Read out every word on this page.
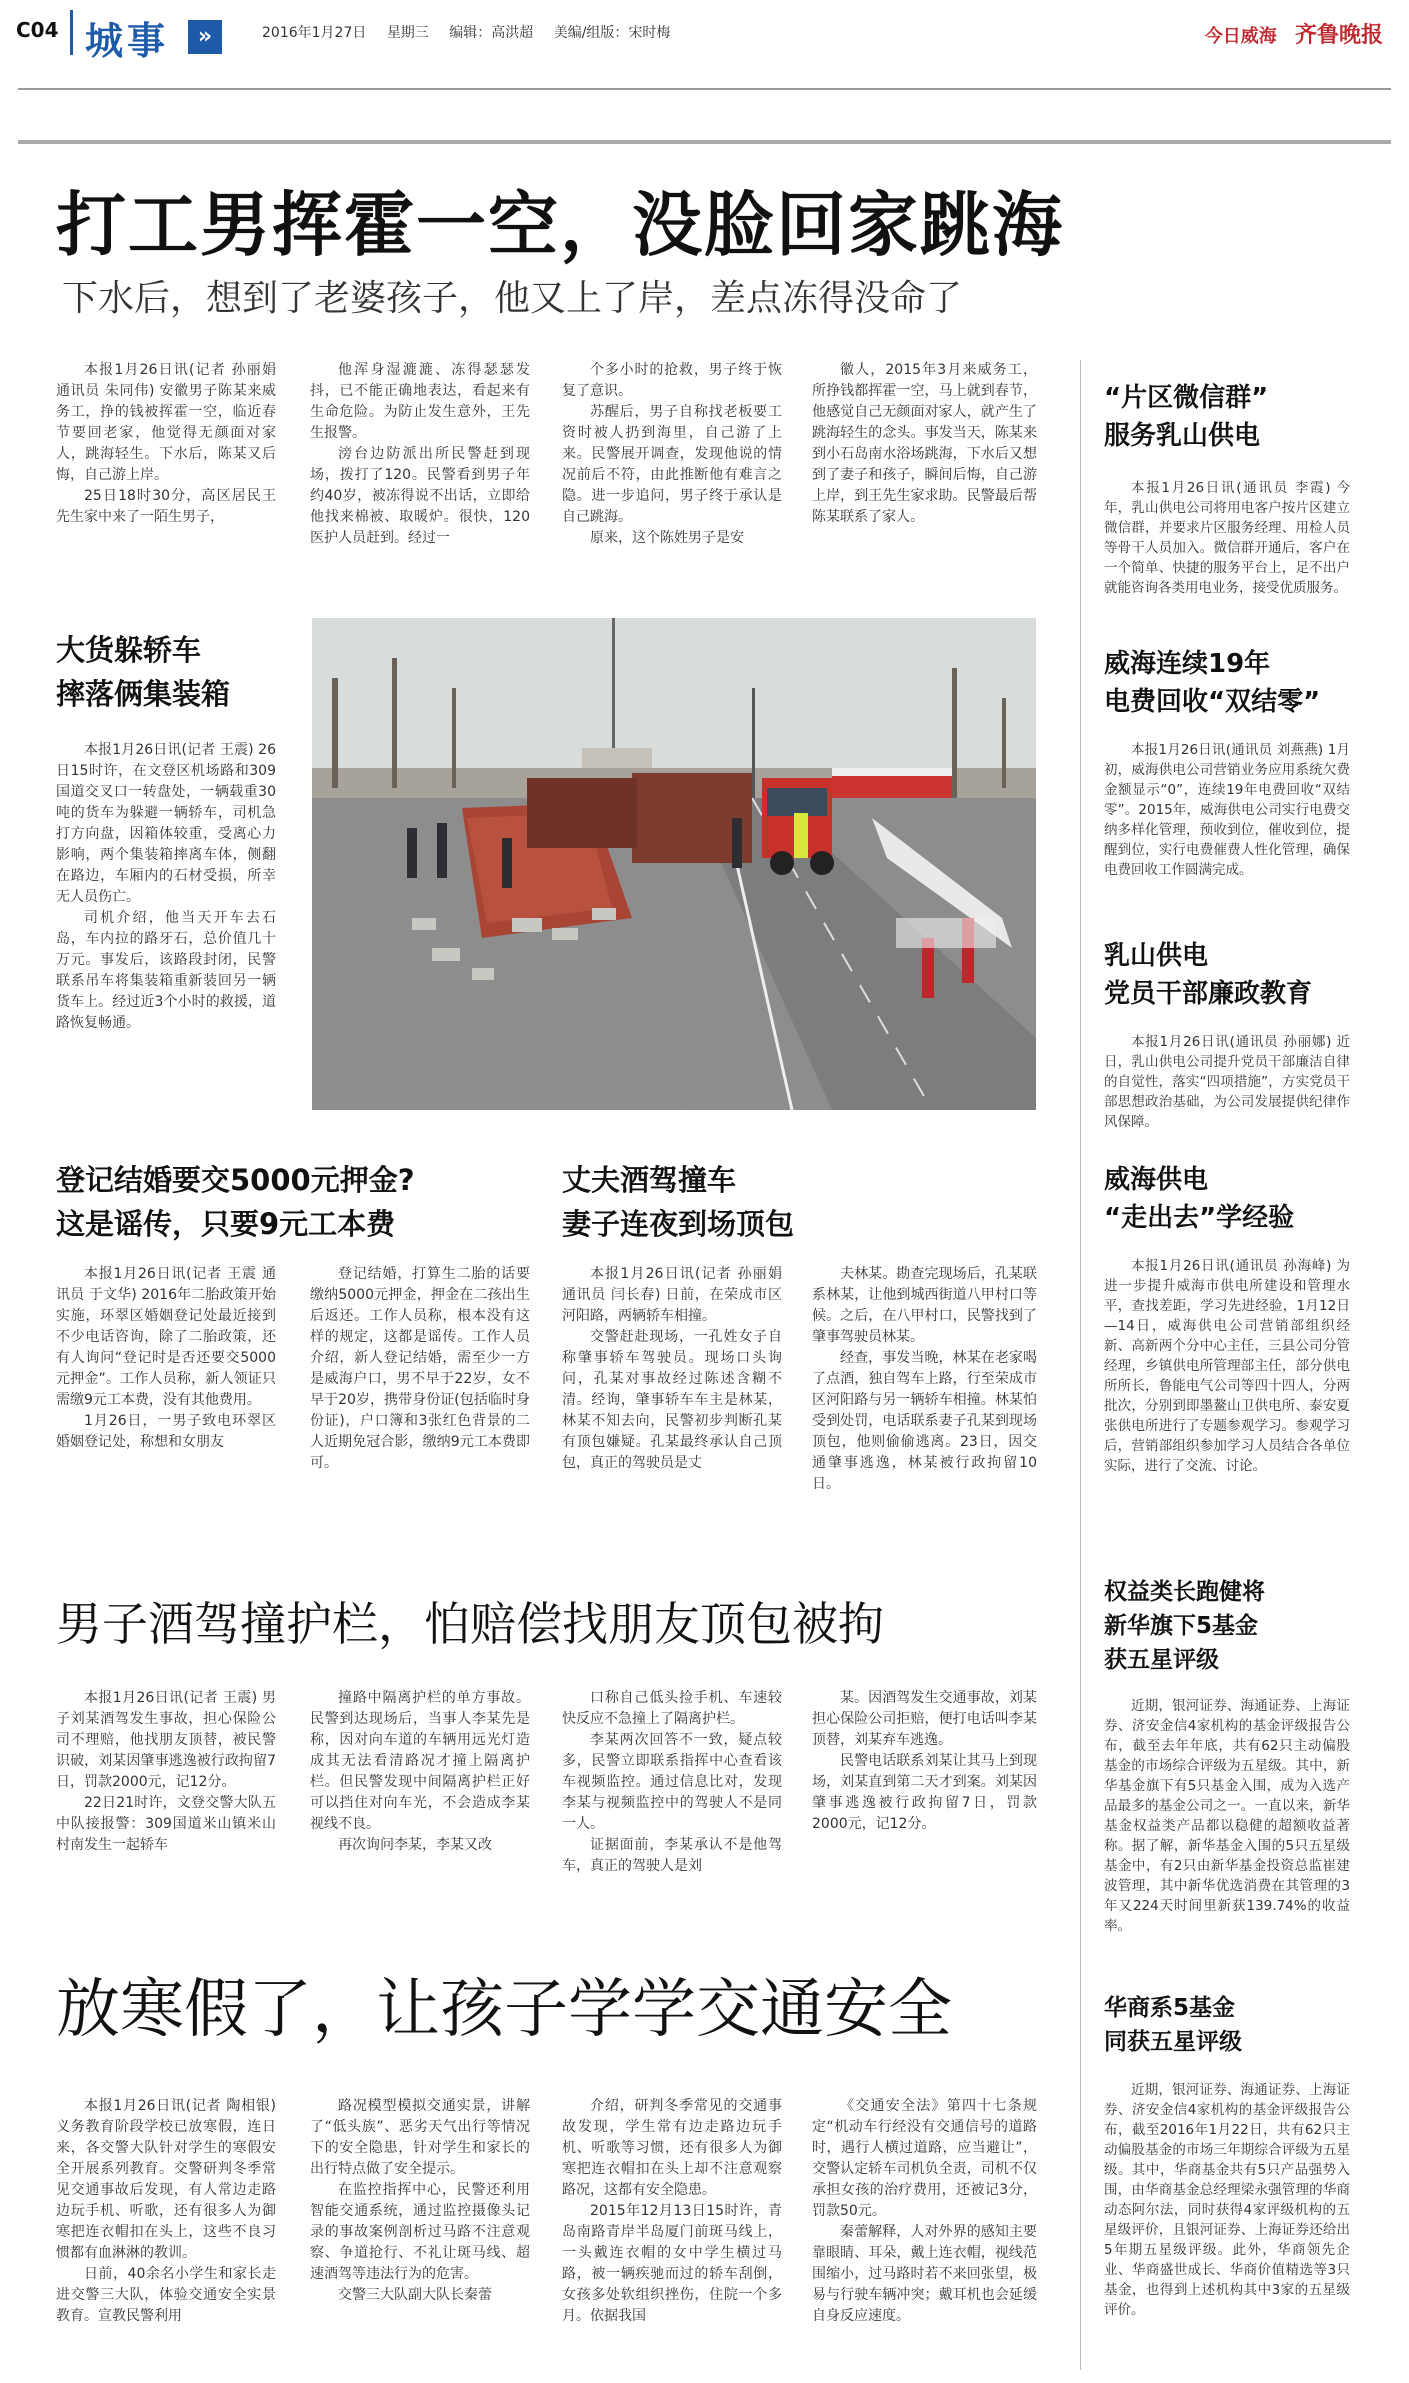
C04 城事	»	2016年1月27日 星期三 编辑：高洪超 美编/组版：宋时梅	今日威海 齐鲁晚报
打工男挥霍一空，没脸回家跳海
下水后，想到了老婆孩子，他又上了岸，差点冻得没命了

本报1月26日讯(记者 孙丽娟 通讯员 朱同伟) 安徽男子陈某来威务工，挣的钱被挥霍一空，临近春节要回老家，他觉得无颜面对家人，跳海轻生。下水后，陈某又后悔，自己游上岸。

25日18时30分，高区居民王先生家中来了一陌生男子，

他浑身湿漉漉、冻得瑟瑟发抖，已不能正确地表达，看起来有生命危险。为防止发生意外，王先生报警。

滂台边防派出所民警赶到现场，拨打了120。民警看到男子年约40岁，被冻得说不出话，立即给他找来棉被、取暖炉。很快，120医护人员赶到。经过一

个多小时的抢救，男子终于恢复了意识。

苏醒后，男子自称找老板要工资时被人扔到海里，自己游了上来。民警展开调查，发现他说的情况前后不符，由此推断他有难言之隐。进一步追问，男子终于承认是自己跳海。

原来，这个陈姓男子是安

徽人，2015年3月来威务工，所挣钱都挥霍一空，马上就到春节，他感觉自己无颜面对家人，就产生了跳海轻生的念头。事发当天，陈某来到小石岛南水浴场跳海，下水后又想到了妻子和孩子，瞬间后悔，自己游上岸，到王先生家求助。民警最后帮陈某联系了家人。

大货躲轿车
摔落俩集装箱

本报1月26日讯(记者 王震) 26日15时许，在文登区机场路和309国道交叉口一转盘处，一辆载重30吨的货车为躲避一辆轿车，司机急打方向盘，因箱体较重，受离心力影响，两个集装箱摔离车体，侧翻在路边，车厢内的石材受损，所幸无人员伤亡。

司机介绍，他当天开车去石岛，车内拉的路牙石，总价值几十万元。事发后，该路段封闭，民警联系吊车将集装箱重新装回另一辆货车上。经过近3个小时的救援，道路恢复畅通。

现场照片：两个集装箱侧翻在路边
登记结婚要交5000元押金?
这是谣传，只要9元工本费

本报1月26日讯(记者 王震 通讯员 于文华) 2016年二胎政策开始实施，环翠区婚姻登记处最近接到不少电话咨询，除了二胎政策，还有人询问“登记时是否还要交5000元押金”。工作人员称，新人领证只需缴9元工本费，没有其他费用。

1月26日，一男子致电环翠区婚姻登记处，称想和女朋友

登记结婚，打算生二胎的话要缴纳5000元押金，押金在二孩出生后返还。工作人员称，根本没有这样的规定，这都是谣传。工作人员介绍，新人登记结婚，需至少一方是威海户口，男不早于22岁，女不早于20岁，携带身份证(包括临时身份证)，户口簿和3张红色背景的二人近期免冠合影，缴纳9元工本费即可。

丈夫酒驾撞车
妻子连夜到场顶包

本报1月26日讯(记者 孙丽娟 通讯员 闫长春) 日前，在荣成市区河阳路，两辆轿车相撞。

交警赶赴现场，一孔姓女子自称肇事轿车驾驶员。现场口头询问，孔某对事故经过陈述含糊不清。经询，肇事轿车车主是林某，林某不知去向，民警初步判断孔某有顶包嫌疑。孔某最终承认自己顶包，真正的驾驶员是丈

夫林某。勘查完现场后，孔某联系林某，让他到城西街道八甲村口等候。之后，在八甲村口，民警找到了肇事驾驶员林某。

经查，事发当晚，林某在老家喝了点酒，独自驾车上路，行至荣成市区河阳路与另一辆轿车相撞。林某怕受到处罚，电话联系妻子孔某到现场顶包，他则偷偷逃离。23日，因交通肇事逃逸，林某被行政拘留10日。

男子酒驾撞护栏，怕赔偿找朋友顶包被拘

本报1月26日讯(记者 王震) 男子刘某酒驾发生事故，担心保险公司不理赔，他找朋友顶替，被民警识破，刘某因肇事逃逸被行政拘留7日，罚款2000元，记12分。

22日21时许，文登交警大队五中队接报警：309国道米山镇米山村南发生一起轿车

撞路中隔离护栏的单方事故。民警到达现场后，当事人李某先是称，因对向车道的车辆用远光灯造成其无法看清路况才撞上隔离护栏。但民警发现中间隔离护栏正好可以挡住对向车光，不会造成李某视线不良。

再次询问李某，李某又改

口称自己低头捡手机、车速较快反应不急撞上了隔离护栏。

李某两次回答不一致，疑点较多，民警立即联系指挥中心查看该车视频监控。通过信息比对，发现李某与视频监控中的驾驶人不是同一人。

证据面前，李某承认不是他驾车，真正的驾驶人是刘

某。因酒驾发生交通事故，刘某担心保险公司拒赔，便打电话叫李某顶替，刘某弃车逃逸。

民警电话联系刘某让其马上到现场，刘某直到第二天才到案。刘某因肇事逃逸被行政拘留7日，罚款2000元，记12分。

放寒假了，让孩子学学交通安全

本报1月26日讯(记者 陶相银) 义务教育阶段学校已放寒假，连日来，各交警大队针对学生的寒假安全开展系列教育。交警研判冬季常见交通事故后发现，有人常边走路边玩手机、听歌，还有很多人为御寒把连衣帽扣在头上，这些不良习惯都有血淋淋的教训。

日前，40余名小学生和家长走进交警三大队，体验交通安全实景教育。宣教民警利用

路况模型模拟交通实景，讲解了“低头族”、恶劣天气出行等情况下的安全隐患，针对学生和家长的出行特点做了安全提示。

在监控指挥中心，民警还利用智能交通系统，通过监控摄像头记录的事故案例剖析过马路不注意观察、争道抢行、不礼让斑马线、超速酒驾等违法行为的危害。

交警三大队副大队长秦蕾

介绍，研判冬季常见的交通事故发现，学生常有边走路边玩手机、听歌等习惯，还有很多人为御寒把连衣帽扣在头上却不注意观察路况，这都有安全隐患。

2015年12月13日15时许，青岛南路青岸半岛厦门前斑马线上，一头戴连衣帽的女中学生横过马路，被一辆疾驰而过的轿车刮倒，女孩多处软组织挫伤，住院一个多月。依据我国

《交通安全法》第四十七条规定“机动车行经没有交通信号的道路时，遇行人横过道路，应当避让”，交警认定轿车司机负全责，司机不仅承担女孩的治疗费用，还被记3分，罚款50元。

秦蕾解释，人对外界的感知主要靠眼睛、耳朵，戴上连衣帽，视线范围缩小，过马路时若不来回张望，极易与行驶车辆冲突；戴耳机也会延缓自身反应速度。

“片区微信群”
服务乳山供电

本报1月26日讯(通讯员 李霞) 今年，乳山供电公司将用电客户按片区建立微信群，并要求片区服务经理、用检人员等骨干人员加入。微信群开通后，客户在一个简单、快捷的服务平台上，足不出户就能咨询各类用电业务，接受优质服务。

威海连续19年
电费回收“双结零”

本报1月26日讯(通讯员 刘燕燕) 1月初，威海供电公司营销业务应用系统欠费金额显示“0”，连续19年电费回收“双结零”。2015年，威海供电公司实行电费交纳多样化管理，预收到位，催收到位，提醒到位，实行电费催费人性化管理，确保电费回收工作圆满完成。

乳山供电
党员干部廉政教育

本报1月26日讯(通讯员 孙丽娜) 近日，乳山供电公司提升党员干部廉洁自律的自觉性，落实“四项措施”，方实党员干部思想政治基础，为公司发展提供纪律作风保障。

威海供电
“走出去”学经验

本报1月26日讯(通讯员 孙海峰) 为进一步提升威海市供电所建设和管理水平，查找差距，学习先进经验，1月12日—14日，威海供电公司营销部组织经新、高新两个分中心主任，三县公司分管经理，乡镇供电所管理部主任，部分供电所所长，鲁能电气公司等四十四人，分两批次，分别到即墨鳌山卫供电所、泰安夏张供电所进行了专题参观学习。参观学习后，营销部组织参加学习人员结合各单位实际，进行了交流、讨论。

权益类长跑健将
新华旗下5基金
获五星评级

近期，银河证券、海通证券、上海证券、济安金信4家机构的基金评级报告公布，截至去年年底，共有62只主动偏股基金的市场综合评级为五星级。其中，新华基金旗下有5只基金入围，成为入选产品最多的基金公司之一。一直以来，新华基金权益类产品都以稳健的超额收益著称。据了解，新华基金入围的5只五星级基金中，有2只由新华基金投资总监崔建波管理，其中新华优选消费在其管理的3年又224天时间里新获139.74%的收益率。

华商系5基金
同获五星评级

近期，银河证券、海通证券、上海证券、济安金信4家机构的基金评级报告公布，截至2016年1月22日，共有62只主动偏股基金的市场三年期综合评级为五星级。其中，华商基金共有5只产品强势入围，由华商基金总经理梁永强管理的华商动态阿尔法，同时获得4家评级机构的五星级评价，且银河证券、上海证券还给出5年期五星级评级。此外，华商领先企业、华商盛世成长、华商价值精选等3只基金，也得到上述机构其中3家的五星级评价。
